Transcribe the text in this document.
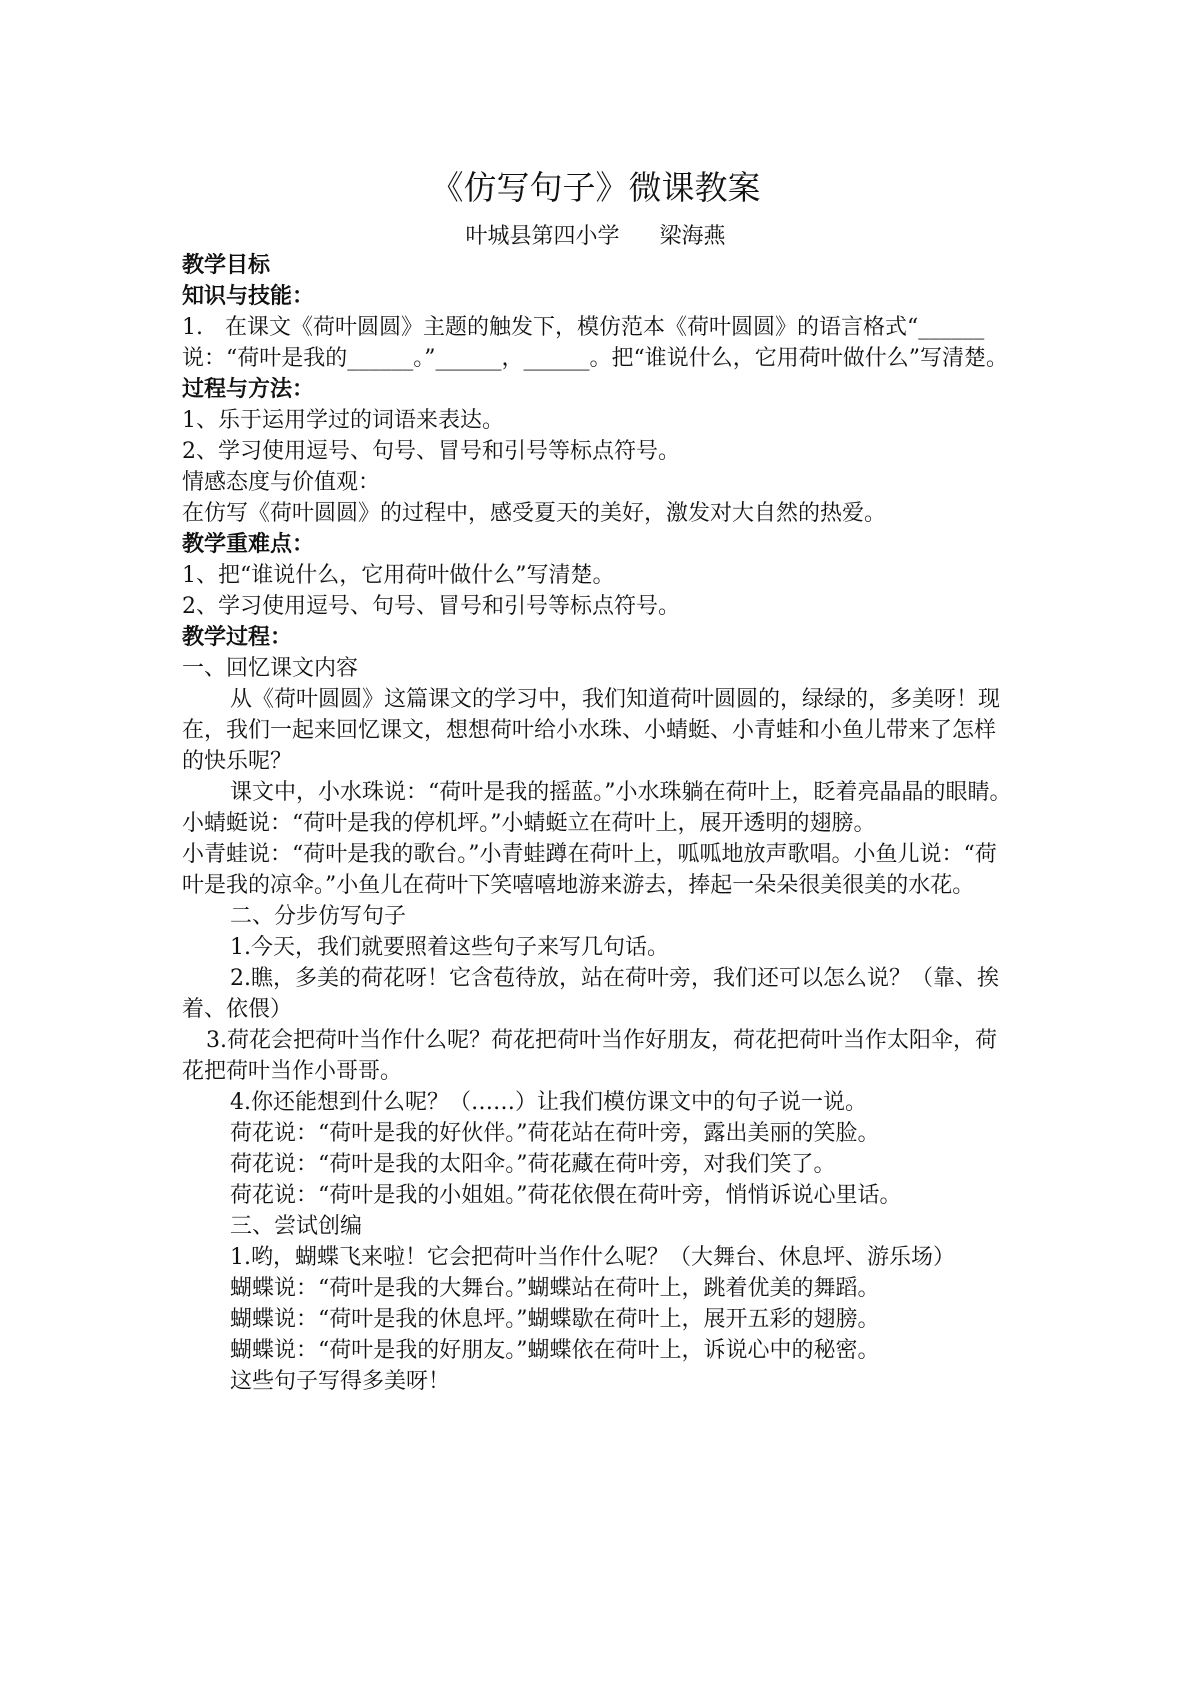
《仿写句子》微课教案
叶城县第四小学 梁海燕

教学目标

知识与技能：

1.　在课文《荷叶圆圆》主题的触发下，模仿范本《荷叶圆圆》的语言格式“______说：“荷叶是我的______。”______，______。把“谁说什么，它用荷叶做什么”写清楚。

过程与方法：

1、乐于运用学过的词语来表达。

2、学习使用逗号、句号、冒号和引号等标点符号。

情感态度与价值观：

在仿写《荷叶圆圆》的过程中，感受夏天的美好，激发对大自然的热爱。

教学重难点：

1、把“谁说什么，它用荷叶做什么”写清楚。

2、学习使用逗号、句号、冒号和引号等标点符号。

教学过程：

一、回忆课文内容

从《荷叶圆圆》这篇课文的学习中，我们知道荷叶圆圆的，绿绿的，多美呀！现在，我们一起来回忆课文，想想荷叶给小水珠、小蜻蜓、小青蛙和小鱼儿带来了怎样的快乐呢？

课文中，小水珠说：“荷叶是我的摇蓝。”小水珠躺在荷叶上，眨着亮晶晶的眼睛。小蜻蜓说：“荷叶是我的停机坪。”小蜻蜓立在荷叶上，展开透明的翅膀。

小青蛙说：“荷叶是我的歌台。”小青蛙蹲在荷叶上，呱呱地放声歌唱。小鱼儿说：“荷叶是我的凉伞。”小鱼儿在荷叶下笑嘻嘻地游来游去，捧起一朵朵很美很美的水花。

二、分步仿写句子

1.今天，我们就要照着这些句子来写几句话。

2.瞧，多美的荷花呀！它含苞待放，站在荷叶旁，我们还可以怎么说？（靠、挨着、依偎）

3.荷花会把荷叶当作什么呢？荷花把荷叶当作好朋友，荷花把荷叶当作太阳伞，荷花把荷叶当作小哥哥。

4.你还能想到什么呢？（……）让我们模仿课文中的句子说一说。

荷花说：“荷叶是我的好伙伴。”荷花站在荷叶旁，露出美丽的笑脸。

荷花说：“荷叶是我的太阳伞。”荷花藏在荷叶旁，对我们笑了。

荷花说：“荷叶是我的小姐姐。”荷花依偎在荷叶旁，悄悄诉说心里话。

三、尝试创编

1.哟，蝴蝶飞来啦！它会把荷叶当作什么呢？（大舞台、休息坪、游乐场）

蝴蝶说：“荷叶是我的大舞台。”蝴蝶站在荷叶上，跳着优美的舞蹈。

蝴蝶说：“荷叶是我的休息坪。”蝴蝶歇在荷叶上，展开五彩的翅膀。

蝴蝶说：“荷叶是我的好朋友。”蝴蝶依在荷叶上，诉说心中的秘密。

这些句子写得多美呀！
